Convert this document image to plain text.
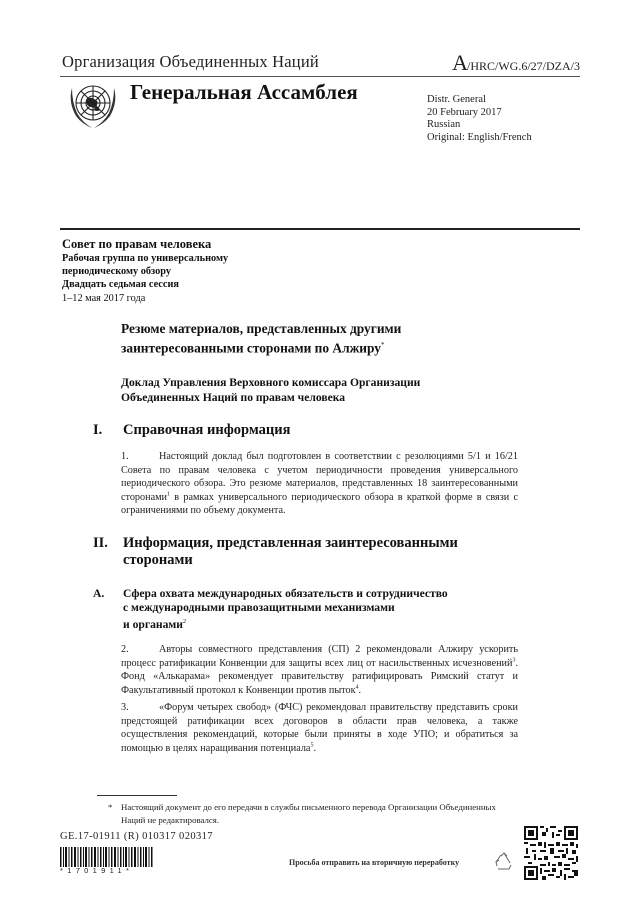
Организация Объединенных Наций	A/HRC/WG.6/27/DZA/3
Генеральная Ассамблея	Distr. General
20 February 2017
Russian
Original: English/French
Совет по правам человека
Рабочая группа по универсальному
периодическому обзору
Двадцать седьмая сессия
1–12 мая 2017 года
Резюме материалов, представленных другими
заинтересованными сторонами по Алжиру*
Доклад Управления Верховного комиссара Организации
Объединенных Наций по правам человека
I. Справочная информация
1.	Настоящий доклад был подготовлен в соответствии с резолюциями 5/1 и 16/21 Совета по правам человека с учетом периодичности проведения универсального периодического обзора. Это резюме материалов, представленных 18 заинтересованными сторонами$^1$ в рамках универсального периодического обзора в краткой форме в связи с ограничениями по объему документа.
II. Информация, представленная заинтересованными
сторонами
A. Сфера охвата международных обязательств и сотрудничество
с международными правозащитными механизмами
и органами$^2$
2.	Авторы совместного представления (СП) 2 рекомендовали Алжиру ускорить процесс ратификации Конвенции для защиты всех лиц от насильственных исчезновений$^3$. Фонд «Алькарама» рекомендует правительству ратифицировать Римский статут и Факультативный протокол к Конвенции против пыток$^4$.
3.	«Форум четырех свобод» (ФЧС) рекомендовал правительству представить сроки предстоящей ратификации всех договоров в области прав человека, а также осуществления рекомендаций, которые были приняты в ходе УПО; и обратиться за помощью в целях наращивания потенциала$^5$.
* Настоящий документ до его передачи в службы письменного перевода Организации Объединенных Наций не редактировался.
GE.17-01911 (R) 010317 020317
*1701911*
Просьба отправить на вторичную переработку
